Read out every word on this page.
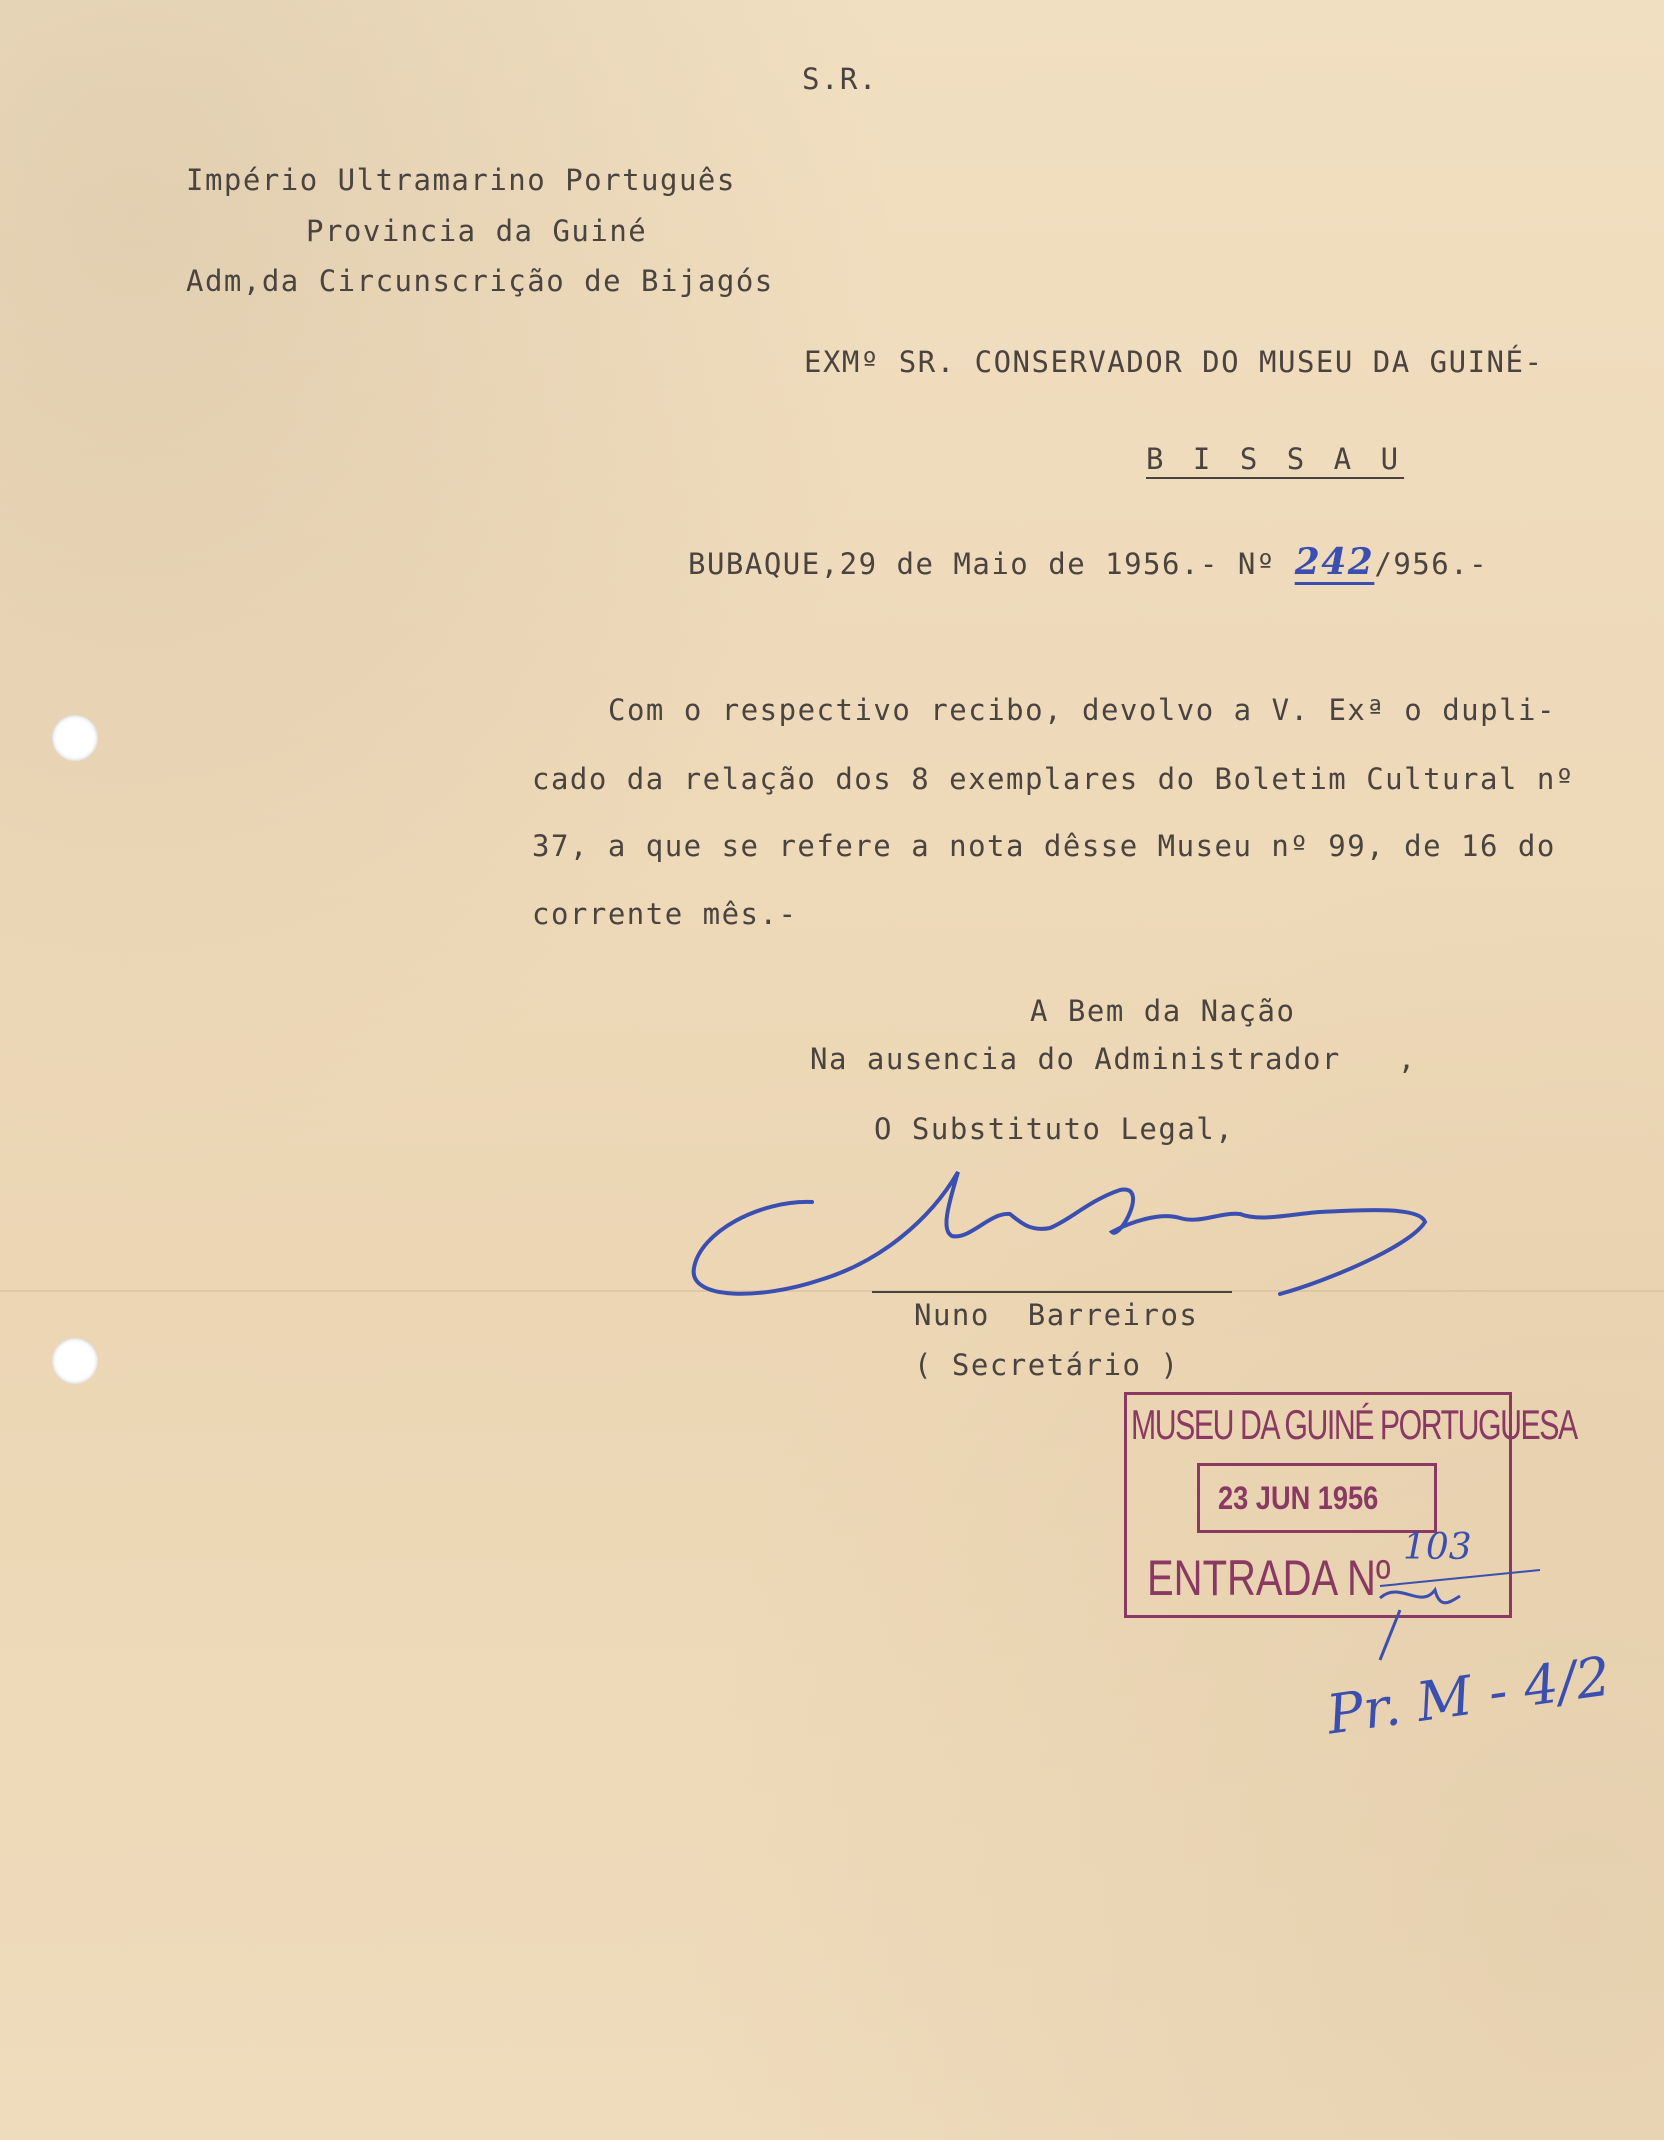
S.R.
Império Ultramarino Português
Provincia da Guiné
Adm,da Circunscrição de Bijagós
EXMº SR. CONSERVADOR DO MUSEU DA GUINÉ-
B I S S A U
BUBAQUE,29 de Maio de 1956.- Nº 242/956.-
Com o respectivo recibo, devolvo a V. Exª o dupli-
cado da relação dos 8 exemplares do Boletim Cultural nº
37, a que se refere a nota dêsse Museu nº 99, de 16 do
corrente mês.-
A Bem da Nação
Na ausencia do Administrador   ,
O Substituto Legal,
Nuno  Barreiros
( Secretário )
MUSEU DA GUINÉ PORTUGUESA
23 JUN 1956
ENTRADA Nº
103
Pr. M - 4/2
